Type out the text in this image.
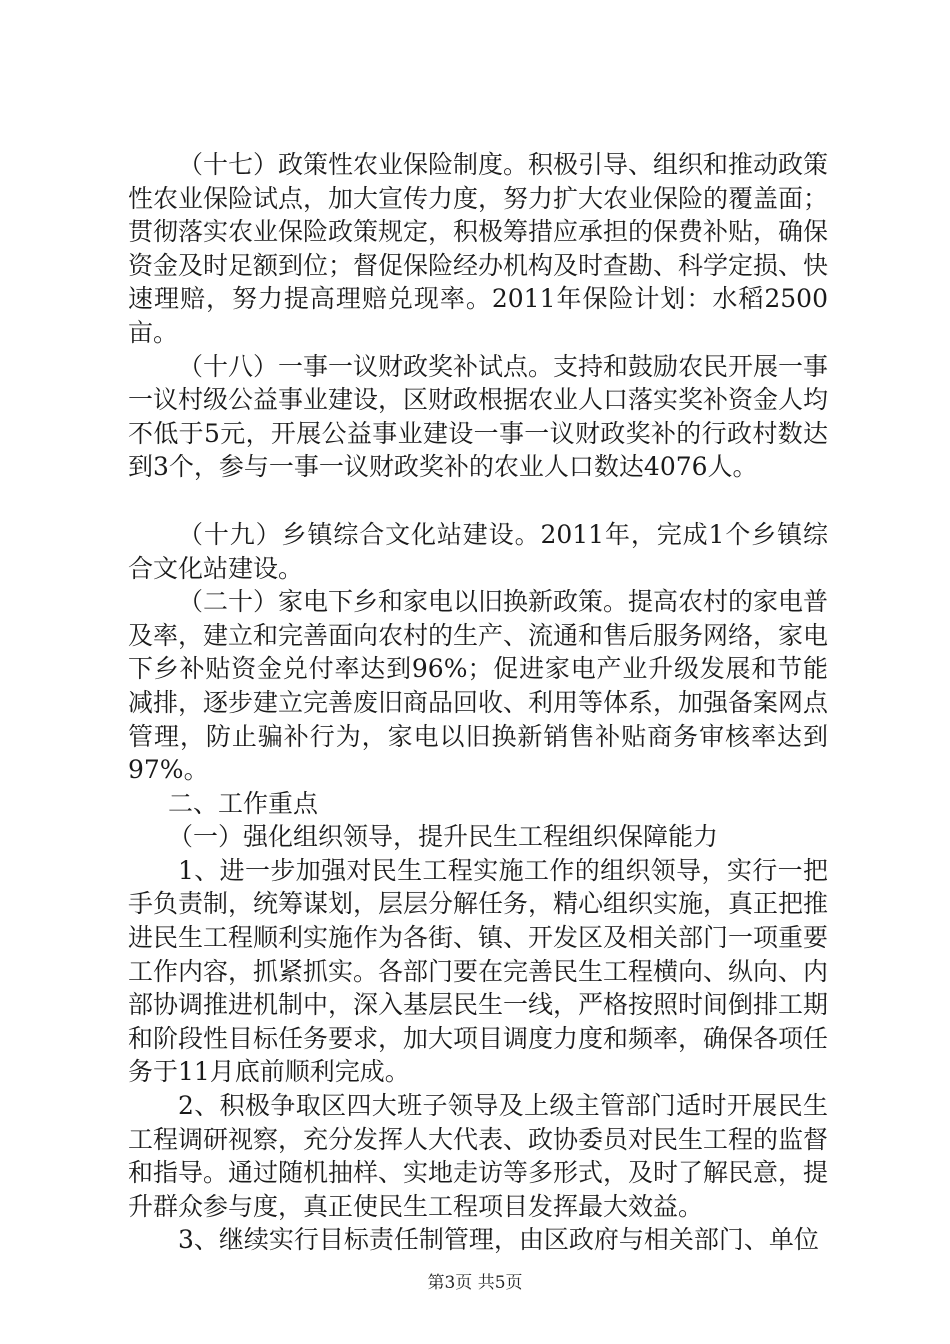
（十七）政策性农业保险制度。积极引导、组织和推动政策性农业保险试点，加大宣传力度，努力扩大农业保险的覆盖面；贯彻落实农业保险政策规定，积极筹措应承担的保费补贴，确保资金及时足额到位；督促保险经办机构及时查勘、科学定损、快速理赔，努力提高理赔兑现率。2011年保险计划：水稻2500亩。

（十八）一事一议财政奖补试点。支持和鼓励农民开展一事一议村级公益事业建设，区财政根据农业人口落实奖补资金人均不低于5元，开展公益事业建设一事一议财政奖补的行政村数达到3个，参与一事一议财政奖补的农业人口数达4076人。

（十九）乡镇综合文化站建设。2011年，完成1个乡镇综合文化站建设。

（二十）家电下乡和家电以旧换新政策。提高农村的家电普及率，建立和完善面向农村的生产、流通和售后服务网络，家电下乡补贴资金兑付率达到96%；促进家电产业升级发展和节能减排，逐步建立完善废旧商品回收、利用等体系，加强备案网点管理，防止骗补行为，家电以旧换新销售补贴商务审核率达到97%。

二、工作重点

（一）强化组织领导，提升民生工程组织保障能力

1、进一步加强对民生工程实施工作的组织领导，实行一把手负责制，统筹谋划，层层分解任务，精心组织实施，真正把推进民生工程顺利实施作为各街、镇、开发区及相关部门一项重要工作内容，抓紧抓实。各部门要在完善民生工程横向、纵向、内部协调推进机制中，深入基层民生一线，严格按照时间倒排工期和阶段性目标任务要求，加大项目调度力度和频率，确保各项任务于11月底前顺利完成。

2、积极争取区四大班子领导及上级主管部门适时开展民生工程调研视察，充分发挥人大代表、政协委员对民生工程的监督和指导。通过随机抽样、实地走访等多形式，及时了解民意，提升群众参与度，真正使民生工程项目发挥最大效益。

3、继续实行目标责任制管理，由区政府与相关部门、单位

第3页 共5页
